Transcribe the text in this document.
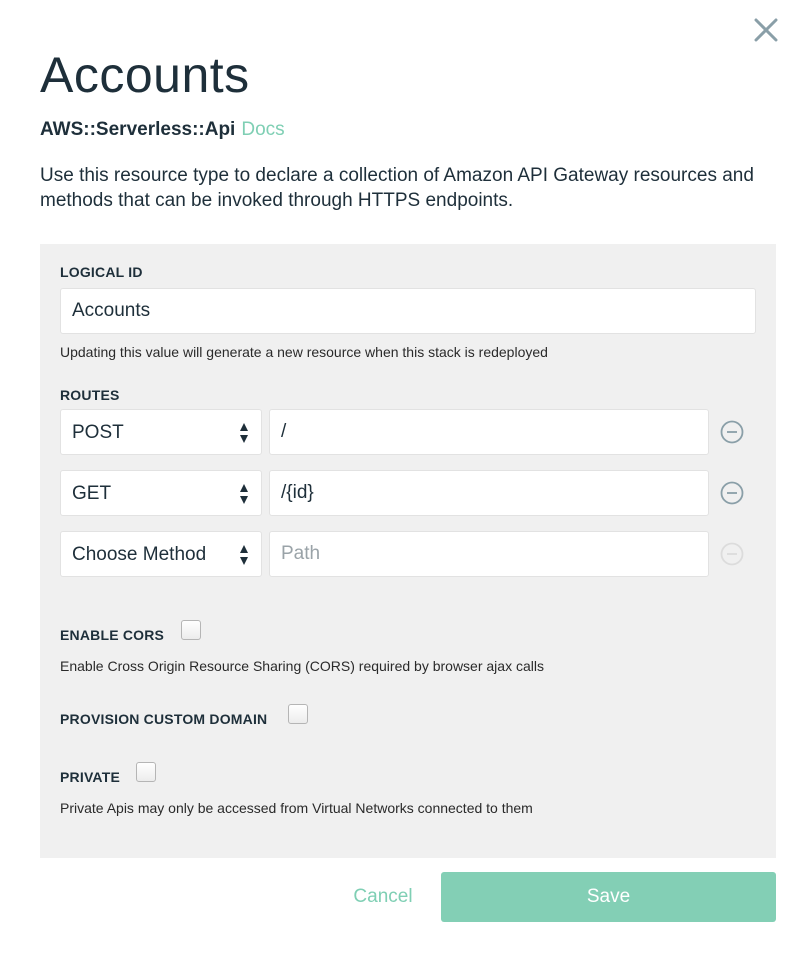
Accounts
AWS::Serverless::Api Docs

Use this resource type to declare a collection of Amazon API Gateway resources and methods that can be invoked through HTTPS endpoints.

LOGICAL ID
Accounts
Updating this value will generate a new resource when this stack is redeployed
ROUTES
POST
/
GET
/{id}
Choose Method
Path
ENABLE CORS
Enable Cross Origin Resource Sharing (CORS) required by browser ajax calls
PROVISION CUSTOM DOMAIN
PRIVATE
Private Apis may only be accessed from Virtual Networks connected to them
Cancel	Save
